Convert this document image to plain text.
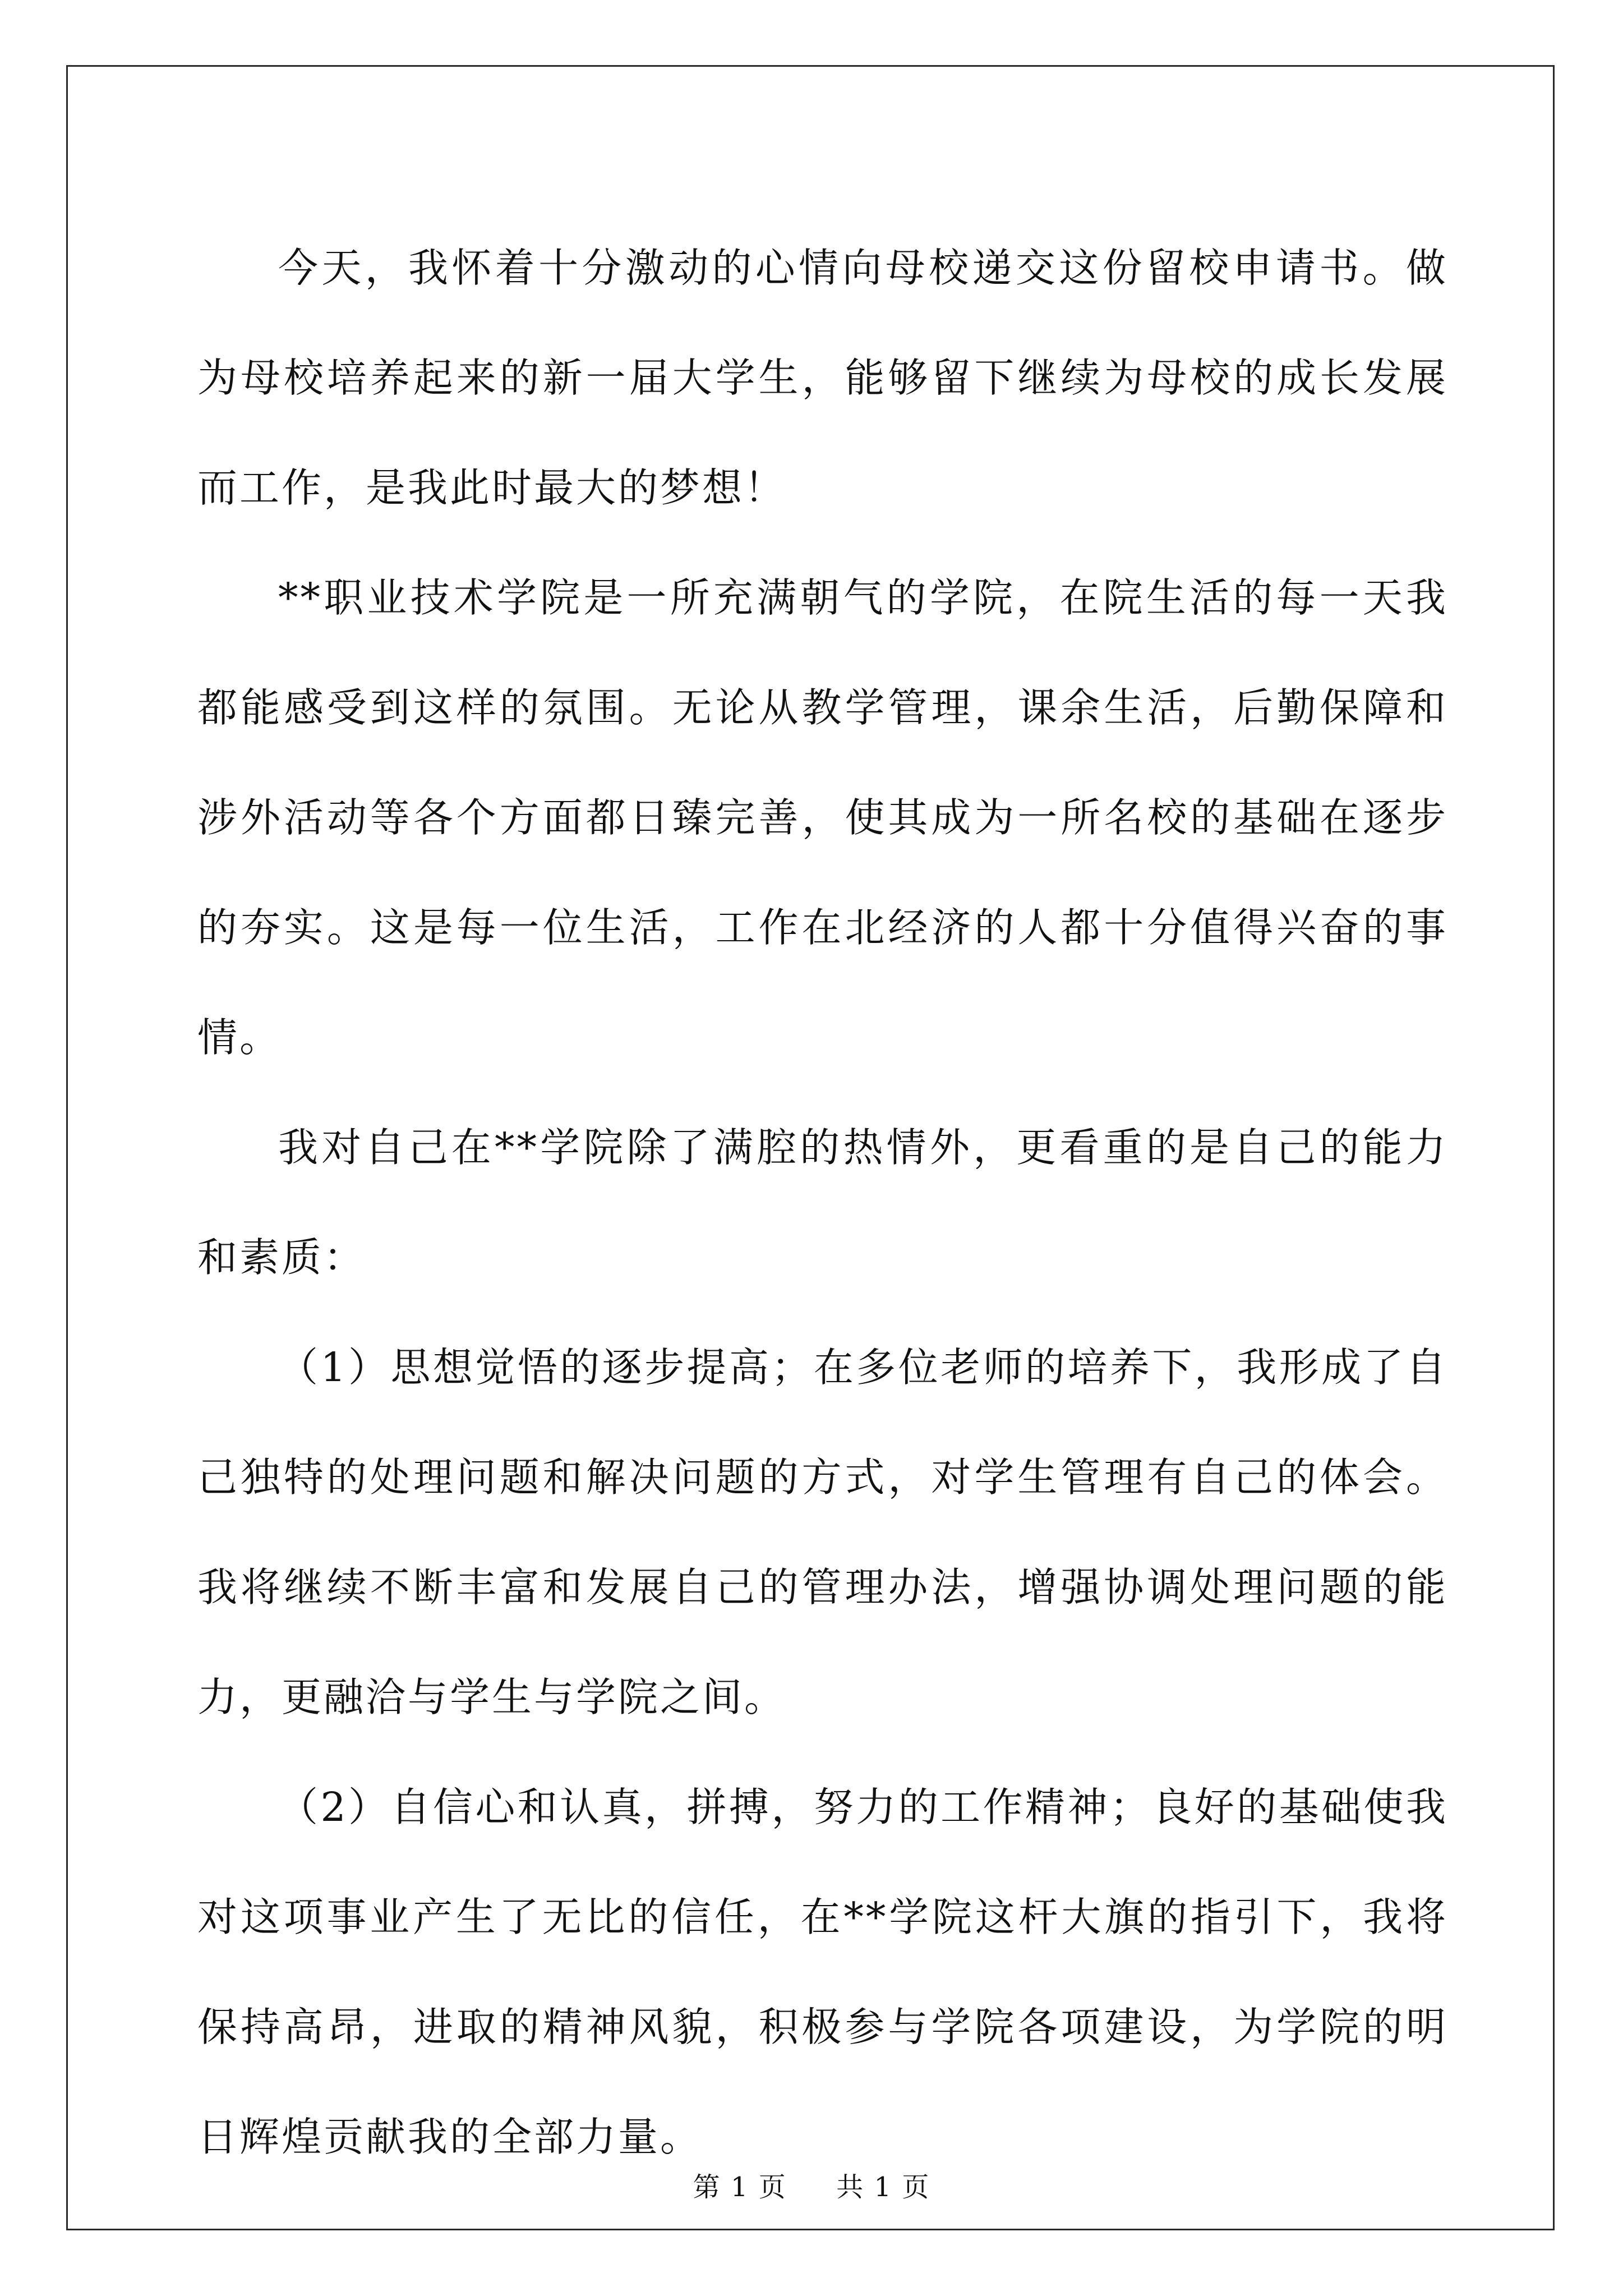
今天，我怀着十分激动的心情向母校递交这份留校申请书。做为母校培养起来的新一届大学生，能够留下继续为母校的成长发展而工作，是我此时最大的梦想！

**职业技术学院是一所充满朝气的学院，在院生活的每一天我都能感受到这样的氛围。无论从教学管理，课余生活，后勤保障和涉外活动等各个方面都日臻完善，使其成为一所名校的基础在逐步的夯实。这是每一位生活，工作在北经济的人都十分值得兴奋的事情。

我对自己在**学院除了满腔的热情外，更看重的是自己的能力和素质：

（1）思想觉悟的逐步提高；在多位老师的培养下，我形成了自己独特的处理问题和解决问题的方式，对学生管理有自己的体会。我将继续不断丰富和发展自己的管理办法，增强协调处理问题的能力，更融洽与学生与学院之间。

（2）自信心和认真，拼搏，努力的工作精神；良好的基础使我对这项事业产生了无比的信任，在**学院这杆大旗的指引下，我将保持高昂，进取的精神风貌，积极参与学院各项建设，为学院的明日辉煌贡献我的全部力量。

第 1 页 共 1 页
